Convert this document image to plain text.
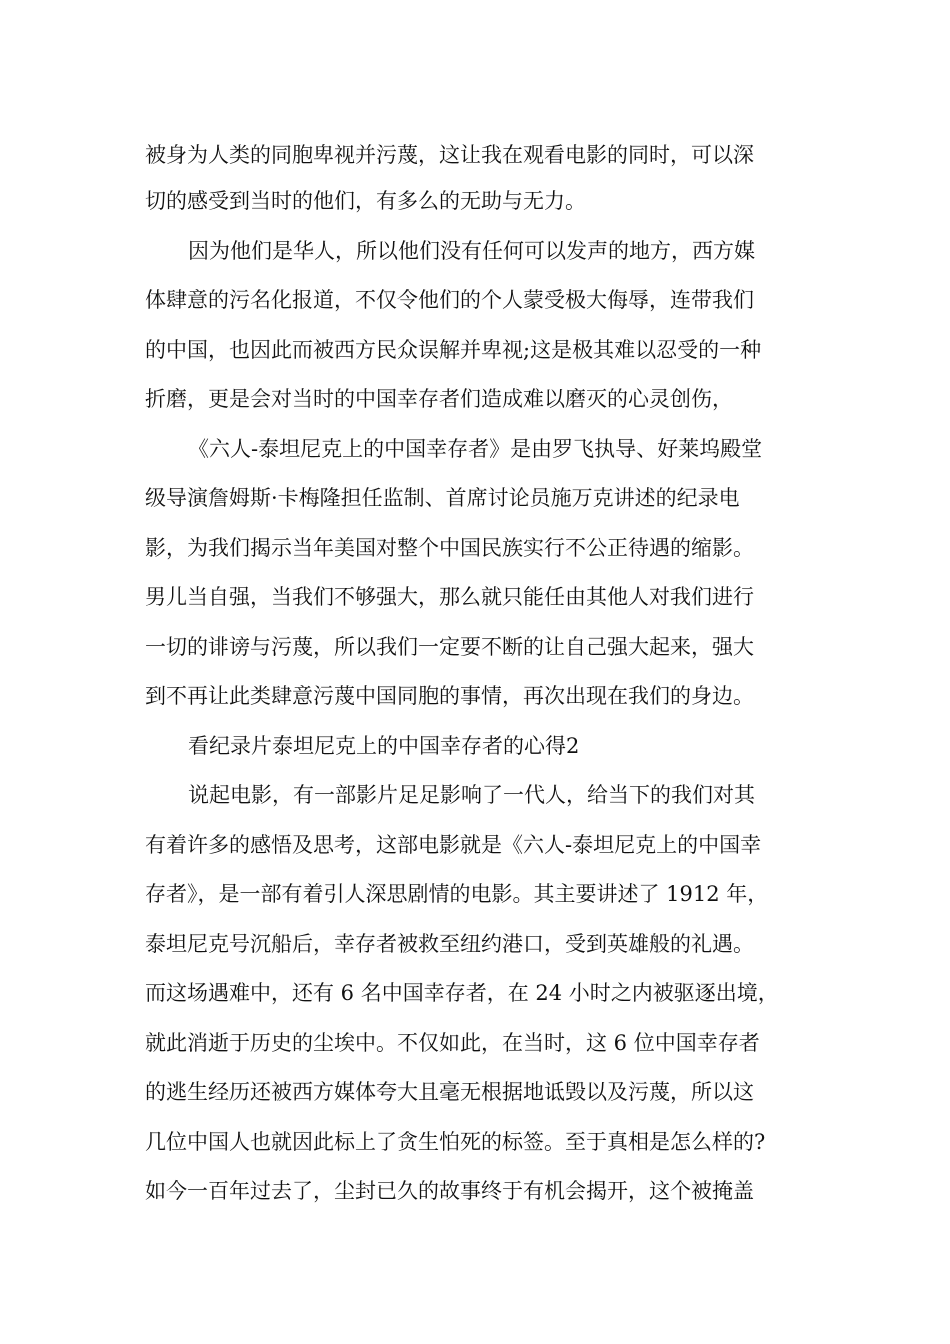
被身为人类的同胞卑视并污蔑，这让我在观看电影的同时，可以深
切的感受到当时的他们，有多么的无助与无力。
因为他们是华人，所以他们没有任何可以发声的地方，西方媒
体肆意的污名化报道，不仅令他们的个人蒙受极大侮辱，连带我们
的中国，也因此而被西方民众误解并卑视;这是极其难以忍受的一种
折磨，更是会对当时的中国幸存者们造成难以磨灭的心灵创伤，
《六人-泰坦尼克上的中国幸存者》是由罗飞执导、好莱坞殿堂
级导演詹姆斯·卡梅隆担任监制、首席讨论员施万克讲述的纪录电
影，为我们揭示当年美国对整个中国民族实行不公正待遇的缩影。
男儿当自强，当我们不够强大，那么就只能任由其他人对我们进行
一切的诽谤与污蔑，所以我们一定要不断的让自己强大起来，强大
到不再让此类肆意污蔑中国同胞的事情，再次出现在我们的身边。
看纪录片泰坦尼克上的中国幸存者的心得2
说起电影，有一部影片足足影响了一代人，给当下的我们对其
有着许多的感悟及思考，这部电影就是《六人-泰坦尼克上的中国幸
存者》，是一部有着引人深思剧情的电影。其主要讲述了 1912 年，
泰坦尼克号沉船后，幸存者被救至纽约港口，受到英雄般的礼遇。
而这场遇难中，还有 6 名中国幸存者，在 24 小时之内被驱逐出境，
就此消逝于历史的尘埃中。不仅如此，在当时，这 6 位中国幸存者
的逃生经历还被西方媒体夸大且毫无根据地诋毁以及污蔑，所以这
几位中国人也就因此标上了贪生怕死的标签。至于真相是怎么样的?
如今一百年过去了，尘封已久的故事终于有机会揭开，这个被掩盖
